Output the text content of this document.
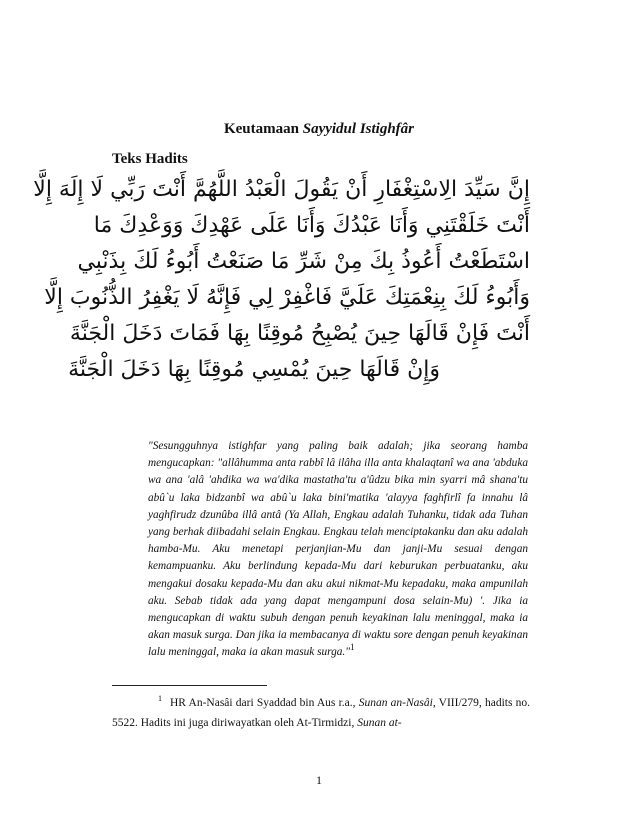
Keutamaan Sayyidul Istighfâr
Teks Hadits
إِنَّ سَيِّدَ الِاسْتِغْفَارِ أَنْ يَقُولَ الْعَبْدُ اللَّهُمَّ أَنْتَ رَبِّي لَا إِلَهَ إِلَّا
أَنْتَ خَلَقْتَنِي وَأَنَا عَبْدُكَ وَأَنَا عَلَى عَهْدِكَ وَوَعْدِكَ مَا
اسْتَطَعْتُ أَعُوذُ بِكَ مِنْ شَرِّ مَا صَنَعْتُ أَبُوءُ لَكَ بِذَنْبِي
وَأَبُوءُ لَكَ بِنِعْمَتِكَ عَلَيَّ فَاغْفِرْ لِي فَإِنَّهُ لَا يَغْفِرُ الذُّنُوبَ إِلَّا
أَنْتَ فَإِنْ قَالَهَا حِينَ يُصْبِحُ مُوقِنًا بِهَا فَمَاتَ دَخَلَ الْجَنَّةَ
وَإِنْ قَالَهَا حِينَ يُمْسِي مُوقِنًا بِهَا دَخَلَ الْجَنَّةَ
"Sesungguhnya istighfar yang paling baik adalah; jika seorang hamba mengucapkan: "allâhumma anta rabbî lâ ilâha illa anta khalaqtanî wa ana 'abduka wa ana 'alâ 'ahdika wa wa'dika mastatha'tu a'ûdzu bika min syarri mâ shana'tu abû`u laka bidzanbî wa abû`u laka bini'matika 'alayya faghfirlî fa innahu lâ yaghfirudz dzunûba illâ antâ (Ya Allah, Engkau adalah Tuhanku, tidak ada Tuhan yang berhak diibadahi selain Engkau. Engkau telah menciptakanku dan aku adalah hamba-Mu. Aku menetapi perjanjian-Mu dan janji-Mu sesuai dengan kemampuanku. Aku berlindung kepada-Mu dari keburukan perbuatanku, aku mengakui dosaku kepada-Mu dan aku akui nikmat-Mu kepadaku, maka ampunilah aku. Sebab tidak ada yang dapat mengampuni dosa selain-Mu) '. Jika ia mengucapkan di waktu subuh dengan penuh keyakinan lalu meninggal, maka ia akan masuk surga. Dan jika ia membacanya di waktu sore dengan penuh keyakinan lalu meninggal, maka ia akan masuk surga."$^1$
$^1$ HR An-Nasâi dari Syaddad bin Aus r.a., Sunan an-Nasâi, VIII/279, hadits no. 5522. Hadits ini juga diriwayatkan oleh At-Tirmidzi, Sunan at-
1
